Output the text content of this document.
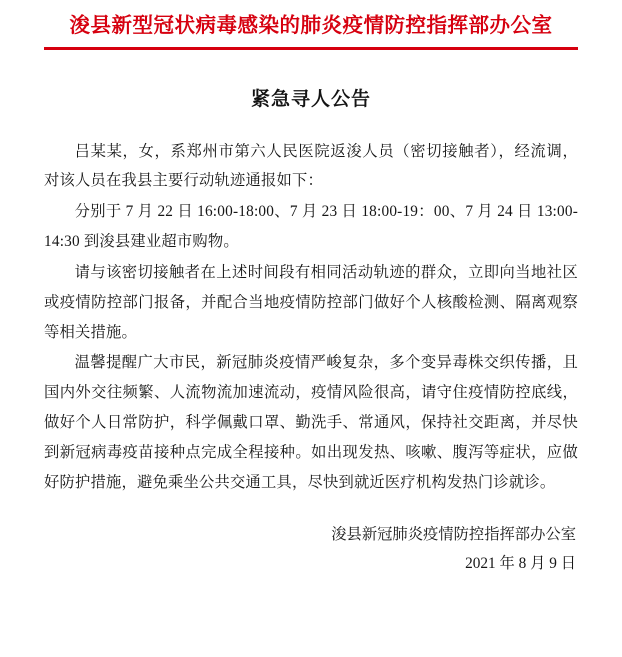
浚县新型冠状病毒感染的肺炎疫情防控指挥部办公室
紧急寻人公告

吕某某，女，系郑州市第六人民医院返浚人员（密切接触者），经流调，对该人员在我县主要行动轨迹通报如下：

分别于 7 月 22 日 16:00-18:00、7 月 23 日 18:00-19：00、7 月 24 日 13:00-14:30 到浚县建业超市购物。

请与该密切接触者在上述时间段有相同活动轨迹的群众，立即向当地社区或疫情防控部门报备，并配合当地疫情防控部门做好个人核酸检测、隔离观察等相关措施。

温馨提醒广大市民，新冠肺炎疫情严峻复杂，多个变异毒株交织传播，且国内外交往频繁、人流物流加速流动，疫情风险很高，请守住疫情防控底线，做好个人日常防护，科学佩戴口罩、勤洗手、常通风，保持社交距离，并尽快到新冠病毒疫苗接种点完成全程接种。如出现发热、咳嗽、腹泻等症状，应做好防护措施，避免乘坐公共交通工具，尽快到就近医疗机构发热门诊就诊。

浚县新冠肺炎疫情防控指挥部办公室
2021 年 8 月 9 日
